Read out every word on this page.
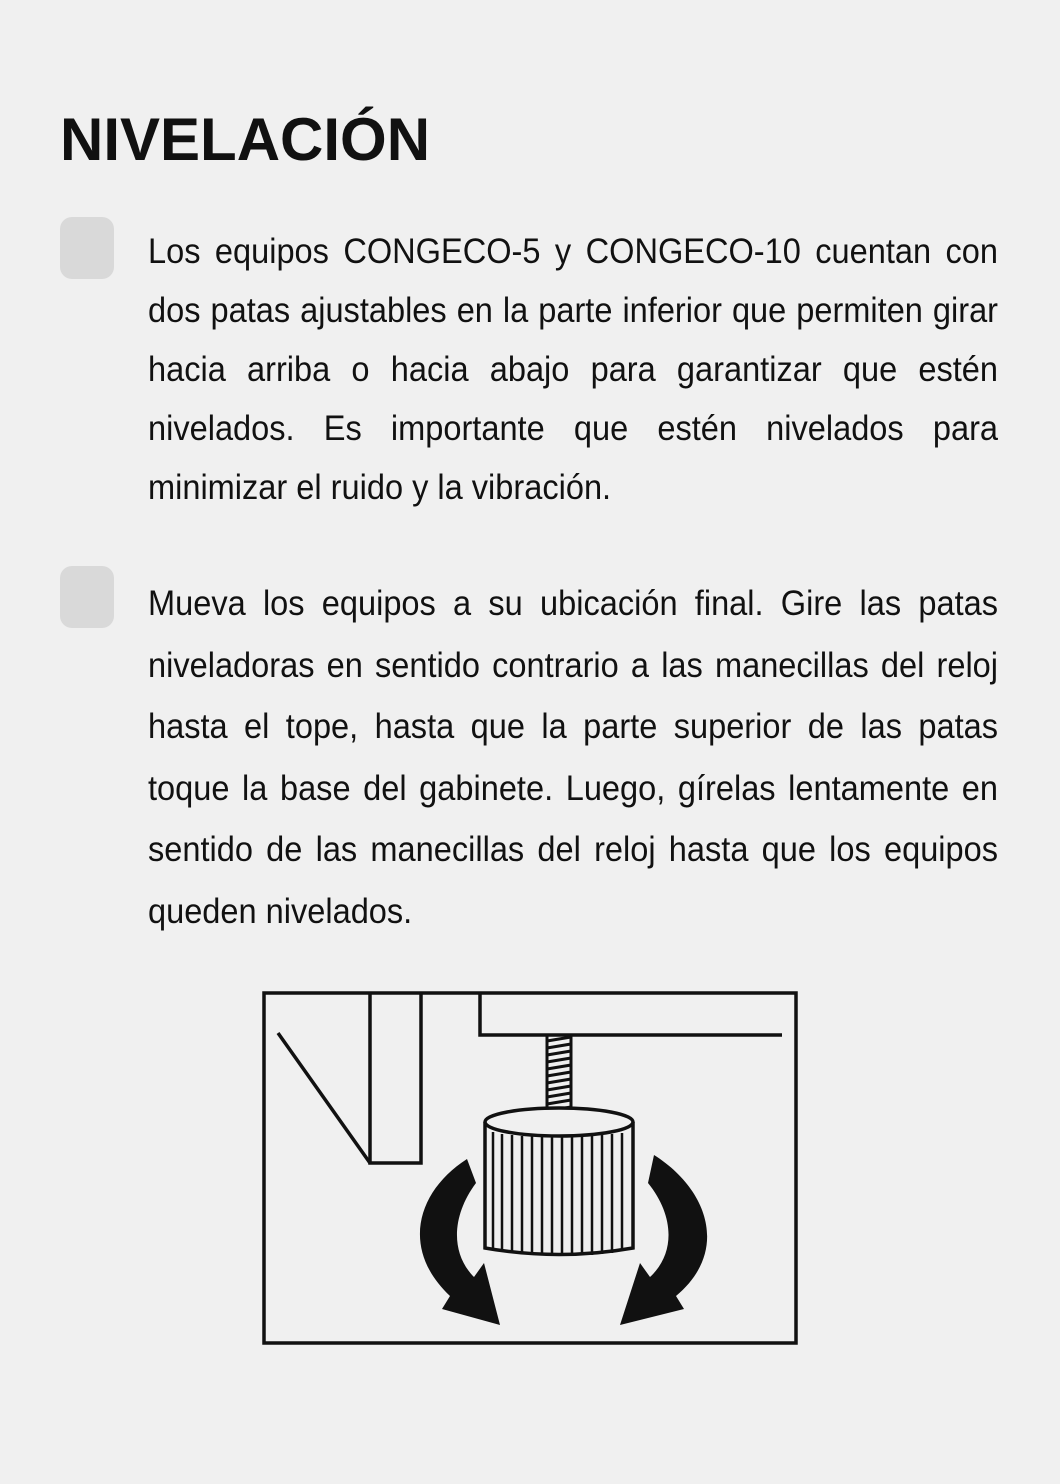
NIVELACIÓN

Los equipos CONGECO-5 y CONGECO-10 cuentan con dos patas ajustables en la parte inferior que permiten girar hacia arriba o hacia abajo para garantizar que estén nivelados. Es importante que estén nivelados para minimizar el ruido y la vibración.

Mueva los equipos a su ubicación final. Gire las patas niveladoras en sentido contrario a las manecillas del reloj hasta el tope, hasta que la parte superior de las patas toque la base del gabinete. Luego, gírelas lentamente en sentido de las manecillas del reloj hasta que los equipos queden nivelados.
